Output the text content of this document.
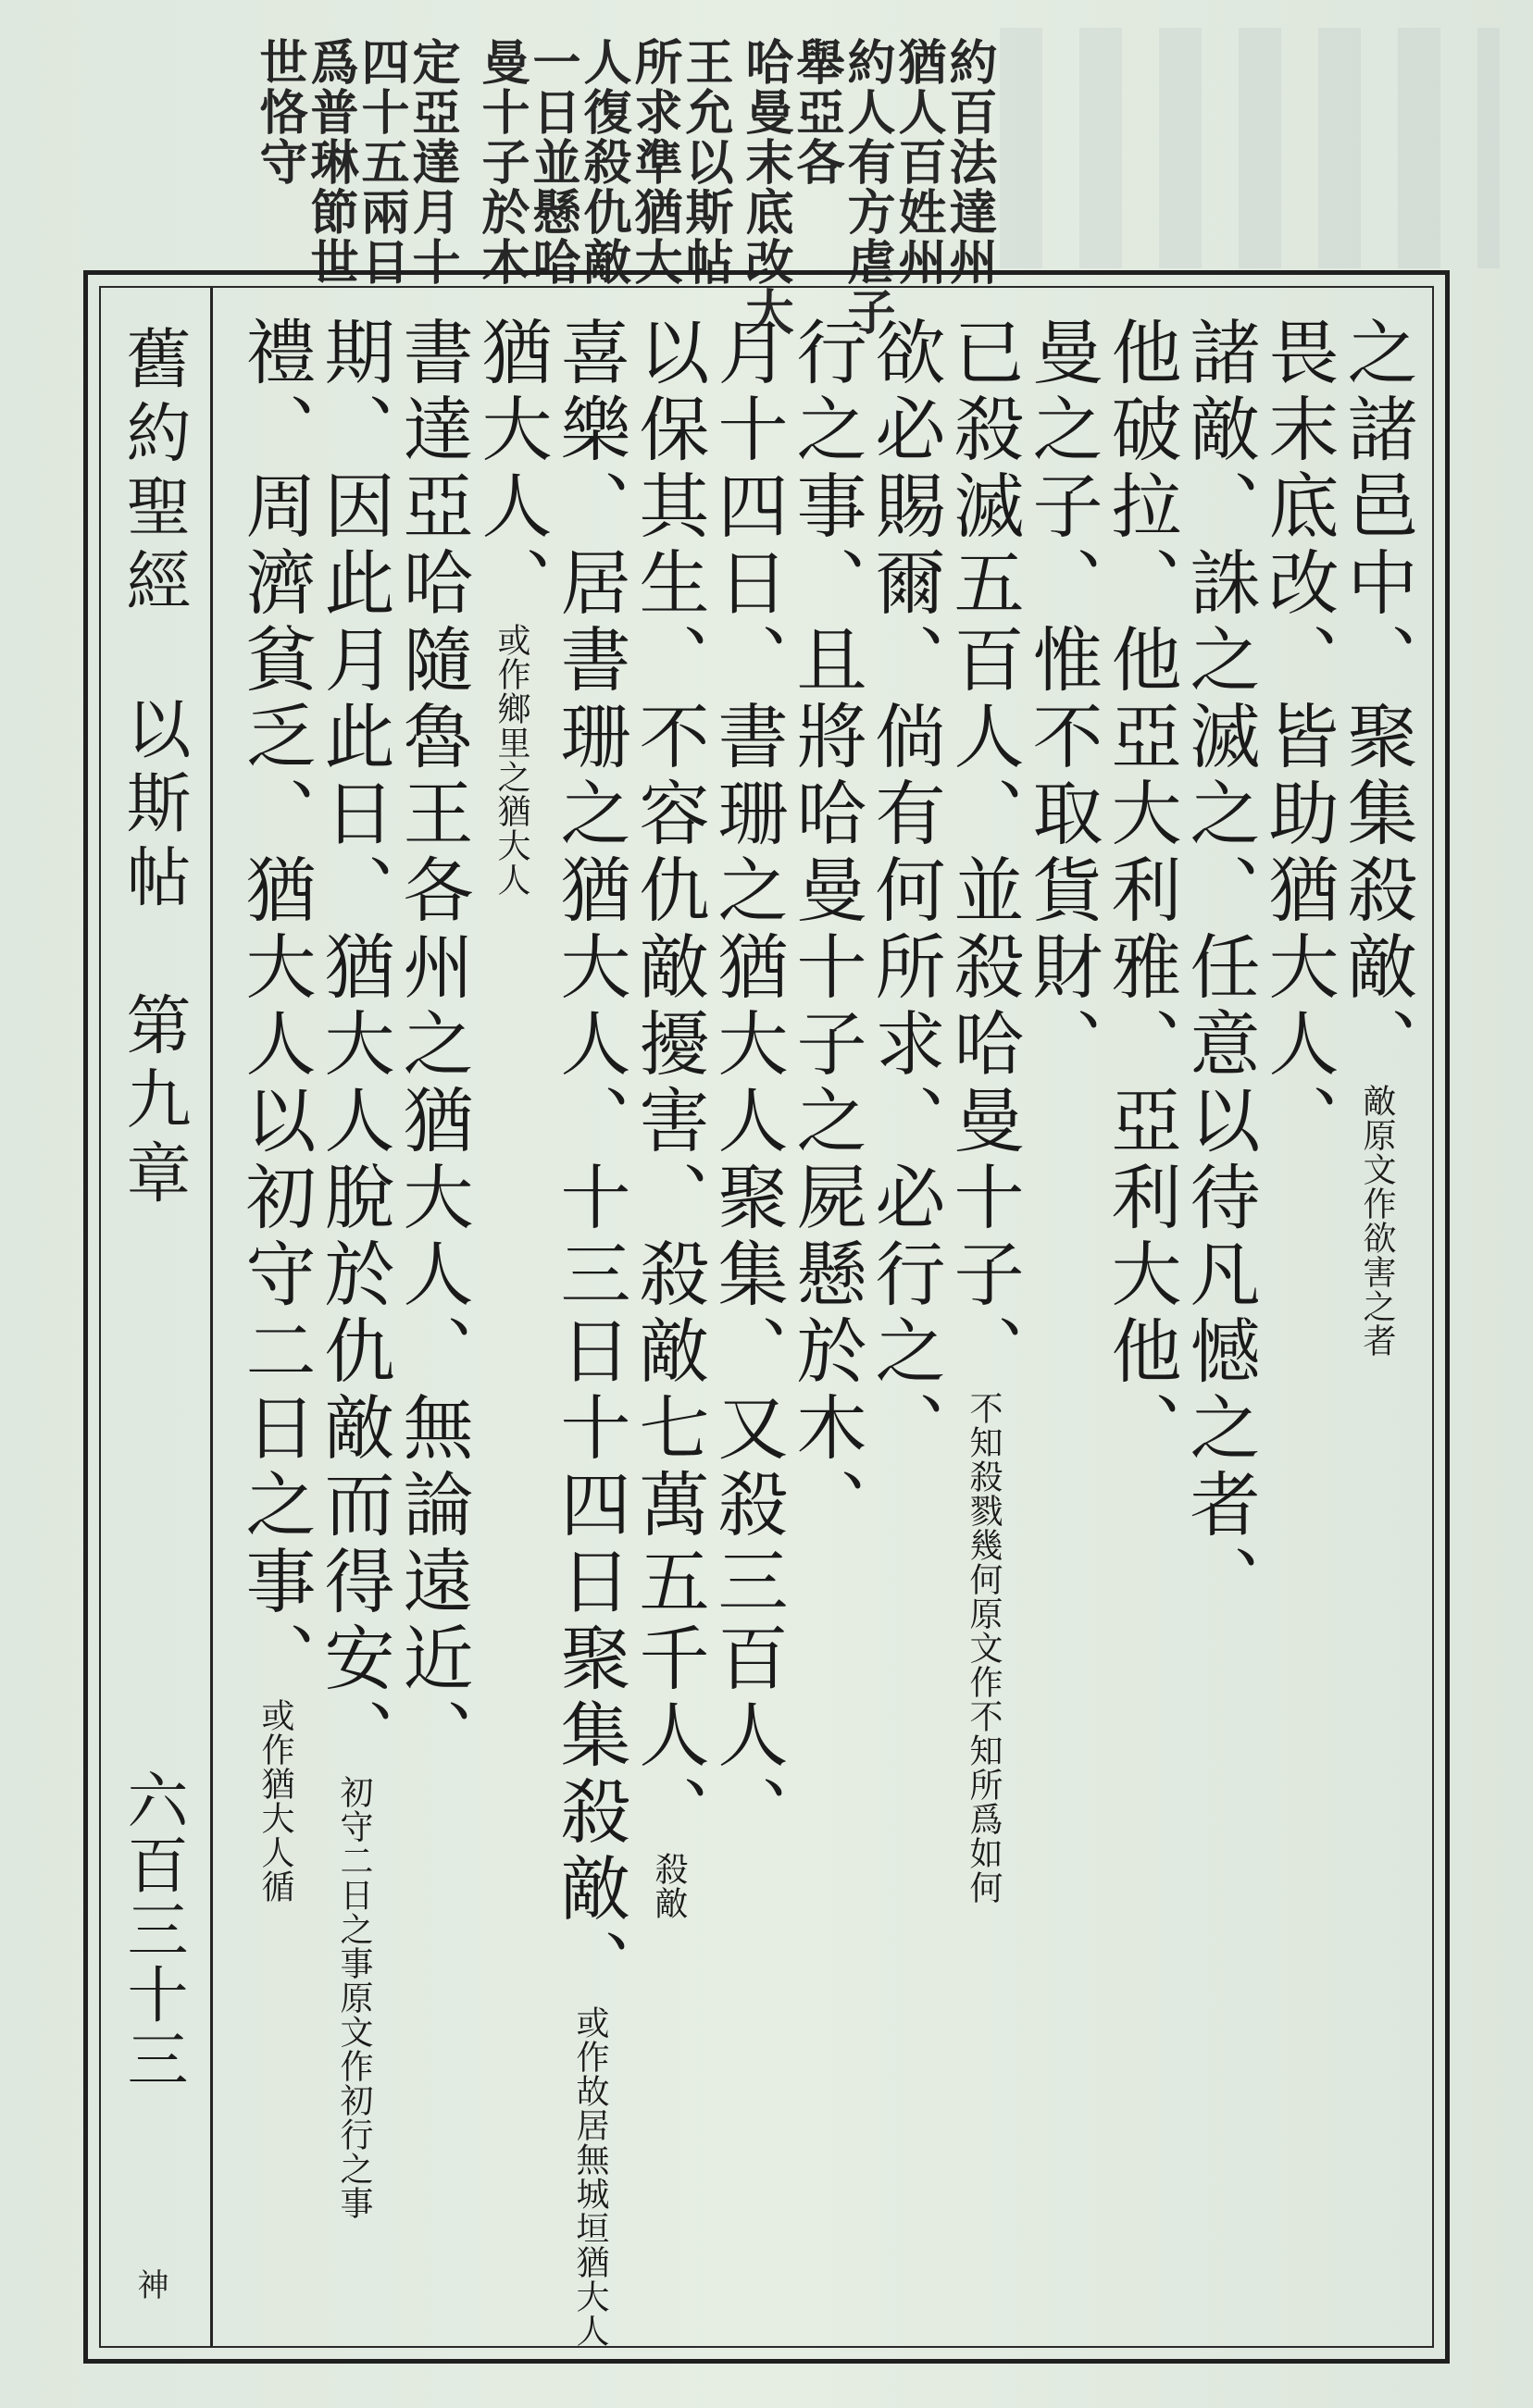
約百法達州
猶人百姓州
約人有方虐子
舉亞各
哈曼末底改大
王允以斯帖
所求準猶大
人復殺仇敵
一日並懸哈
曼十子於木
定亞達月十
四十五兩日
爲普琳節世
世恪守
舊約聖經　以斯帖　第九章
六百三十三
神
之諸邑中、聚集殺敵、敵原文作欲害之者
畏末底改、皆助猶大人、
諸敵、誅之滅之、任意以待凡憾之者、
他破拉、他亞大利雅、亞利大他、
曼之子、惟不取貨財、
已殺滅五百人、並殺哈曼十子、不知殺戮幾何原文作不知所爲如何
欲必賜爾、倘有何所求、必行之、
行之事、且將哈曼十子之屍懸於木、
月十四日、書珊之猶大人聚集、又殺三百人、
以保其生、不容仇敵擾害、殺敵七萬五千人、殺敵
喜樂、居書珊之猶大人、十三日十四日聚集殺敵、或作故居無城垣猶大人
猶大人、或作鄉里之猶大人
書達亞哈隨魯王各州之猶大人、無論遠近、
期、因此月此日、猶大人脫於仇敵而得安、初守二日之事原文作初行之事
禮、周濟貧乏、猶大人以初守二日之事、或作猶大人循
